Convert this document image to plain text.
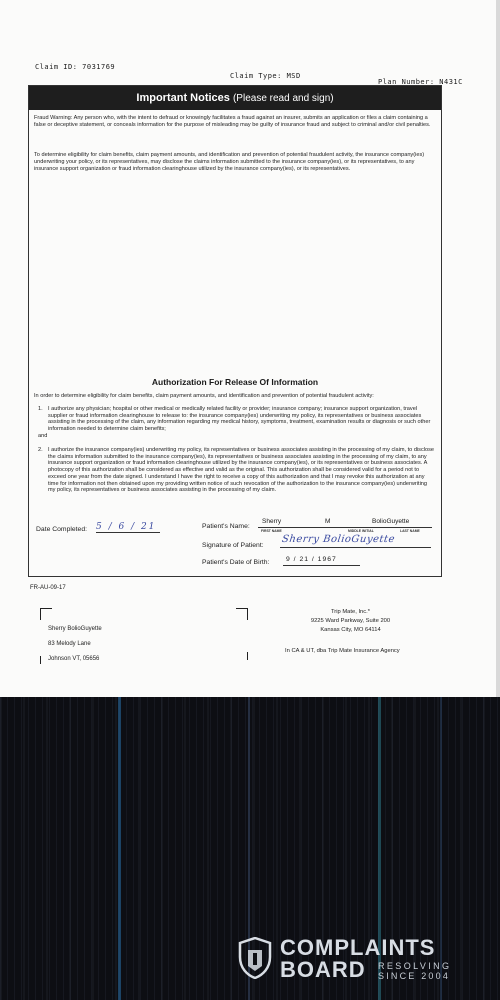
Claim ID: 7031769
Claim Type: MSD
Plan Number: N431C
Important Notices (Please read and sign)
Fraud Warning: Any person who, with the intent to defraud or knowingly facilitates a fraud against an insurer, submits an application or files a claim containing a false or deceptive statement, or conceals information for the purpose of misleading may be guilty of insurance fraud and subject to criminal and/or civil penalties.
To determine eligibility for claim benefits, claim payment amounts, and identification and prevention of potential fraudulent activity, the insurance company(ies) underwriting your policy, or its representatives, may disclose the claims information submitted to the insurance company(ies), or its representatives, to any insurance support organization or fraud information clearinghouse utilized by the insurance company(ies), or its representatives.
Authorization For Release Of Information
In order to determine eligibility for claim benefits, claim payment amounts, and identification and prevention of potential fraudulent activity:
1. I authorize any physician; hospital or other medical or medically related facility or provider; insurance company; insurance support organization, travel supplier or fraud information clearinghouse to release to: the insurance company(ies) underwriting my policy, its representatives or business associates assisting in the processing of the claim, any information regarding my medical history, symptoms, treatment, examination results or diagnosis or such other information needed to determine claim benefits;
and
2. I authorize the insurance company(ies) underwriting my policy, its representatives or business associates assisting in the processing of my claim, to disclose the claims information submitted to the insurance company(ies), its representatives or business associates assisting in the processing of my claim, to any insurance support organization or fraud information clearinghouse utilized by the insurance company(ies), or its representatives or business associates. A photocopy of this authorization shall be considered as effective and valid as the original. This authorization shall be considered valid for a period not to exceed one year from the date signed. I understand I have the right to receive a copy of this authorization and that I may revoke this authorization at any time for information not then obtained upon my providing written notice of such revocation of the authorization to the insurance company(ies) underwriting my policy, its representatives or business associates assisting in the processing of my claim.
Date Completed: 5 / 6 / 21	Patient's Name:
Sherry	M	BolioGuyette
FIRST NAME	MIDDLE INITIAL	LAST NAME
Signature of Patient:
Sherry BolioGuyette
Patient's Date of Birth: 9 / 21 / 1967
FR-AU-09-17
Sherry BolioGuyette
83 Melody Lane
Johnson VT, 05656
Trip Mate, Inc.*
9225 Ward Parkway, Suite 200
Kansas City, MO 64114
In CA & UT, dba Trip Mate Insurance Agency
COMPLAINTS
BOARD RESOLVING
SINCE 2004
